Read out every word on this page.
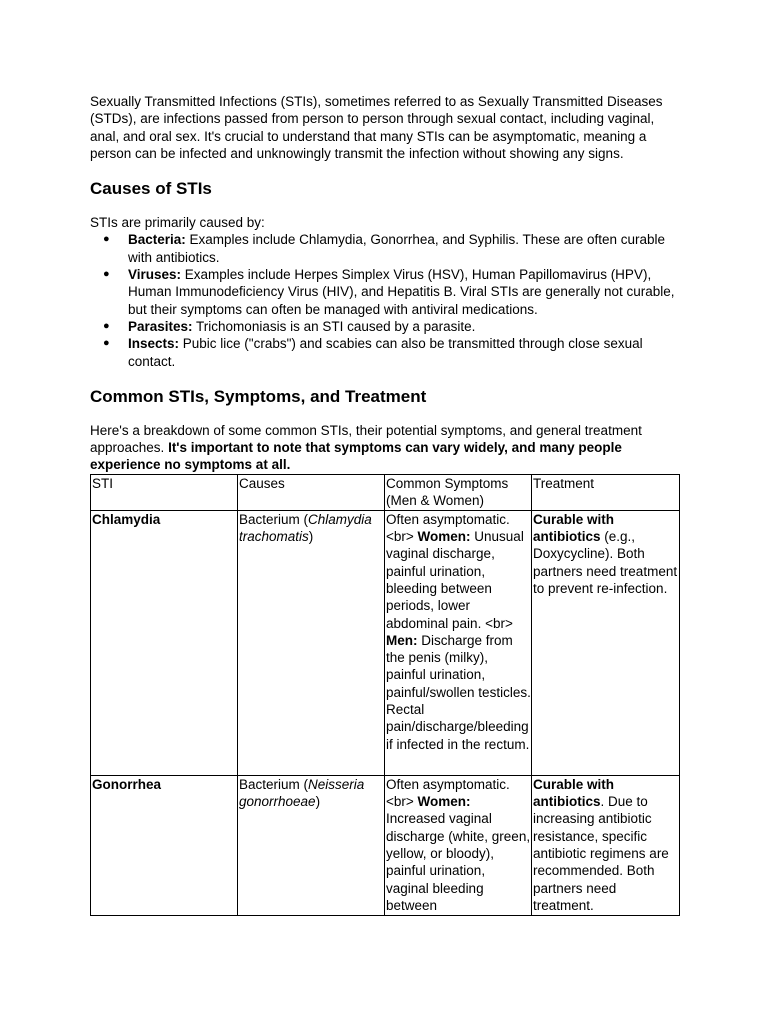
Sexually Transmitted Infections (STIs), sometimes referred to as Sexually Transmitted Diseases (STDs), are infections passed from person to person through sexual contact, including vaginal, anal, and oral sex. It's crucial to understand that many STIs can be asymptomatic, meaning a person can be infected and unknowingly transmit the infection without showing any signs.

Causes of STIs

STIs are primarily caused by:

● Bacteria: Examples include Chlamydia, Gonorrhea, and Syphilis. These are often curable with antibiotics.
● Viruses: Examples include Herpes Simplex Virus (HSV), Human Papillomavirus (HPV), Human Immunodeficiency Virus (HIV), and Hepatitis B. Viral STIs are generally not curable, but their symptoms can often be managed with antiviral medications.
● Parasites: Trichomoniasis is an STI caused by a parasite.
● Insects: Pubic lice ("crabs") and scabies can also be transmitted through close sexual contact.
Common STIs, Symptoms, and Treatment

Here's a breakdown of some common STIs, their potential symptoms, and general treatment approaches. It's important to note that symptoms can vary widely, and many people experience no symptoms at all.

STI	Causes	Common Symptoms (Men & Women)	Treatment
Chlamydia	Bacterium (Chlamydia trachomatis)	Often asymptomatic. <br> Women: Unusual vaginal discharge, painful urination, bleeding between periods, lower abdominal pain. <br> Men: Discharge from the penis (milky), painful urination, painful/swollen testicles. Rectal pain/discharge/bleeding if infected in the rectum.	Curable with antibiotics (e.g., Doxycycline). Both partners need treatment to prevent re-infection.
Gonorrhea	Bacterium (Neisseria gonorrhoeae)	Often asymptomatic. <br> Women: Increased vaginal discharge (white, green, yellow, or bloody), painful urination, vaginal bleeding between	Curable with antibiotics. Due to increasing antibiotic resistance, specific antibiotic regimens are recommended. Both partners need treatment.
